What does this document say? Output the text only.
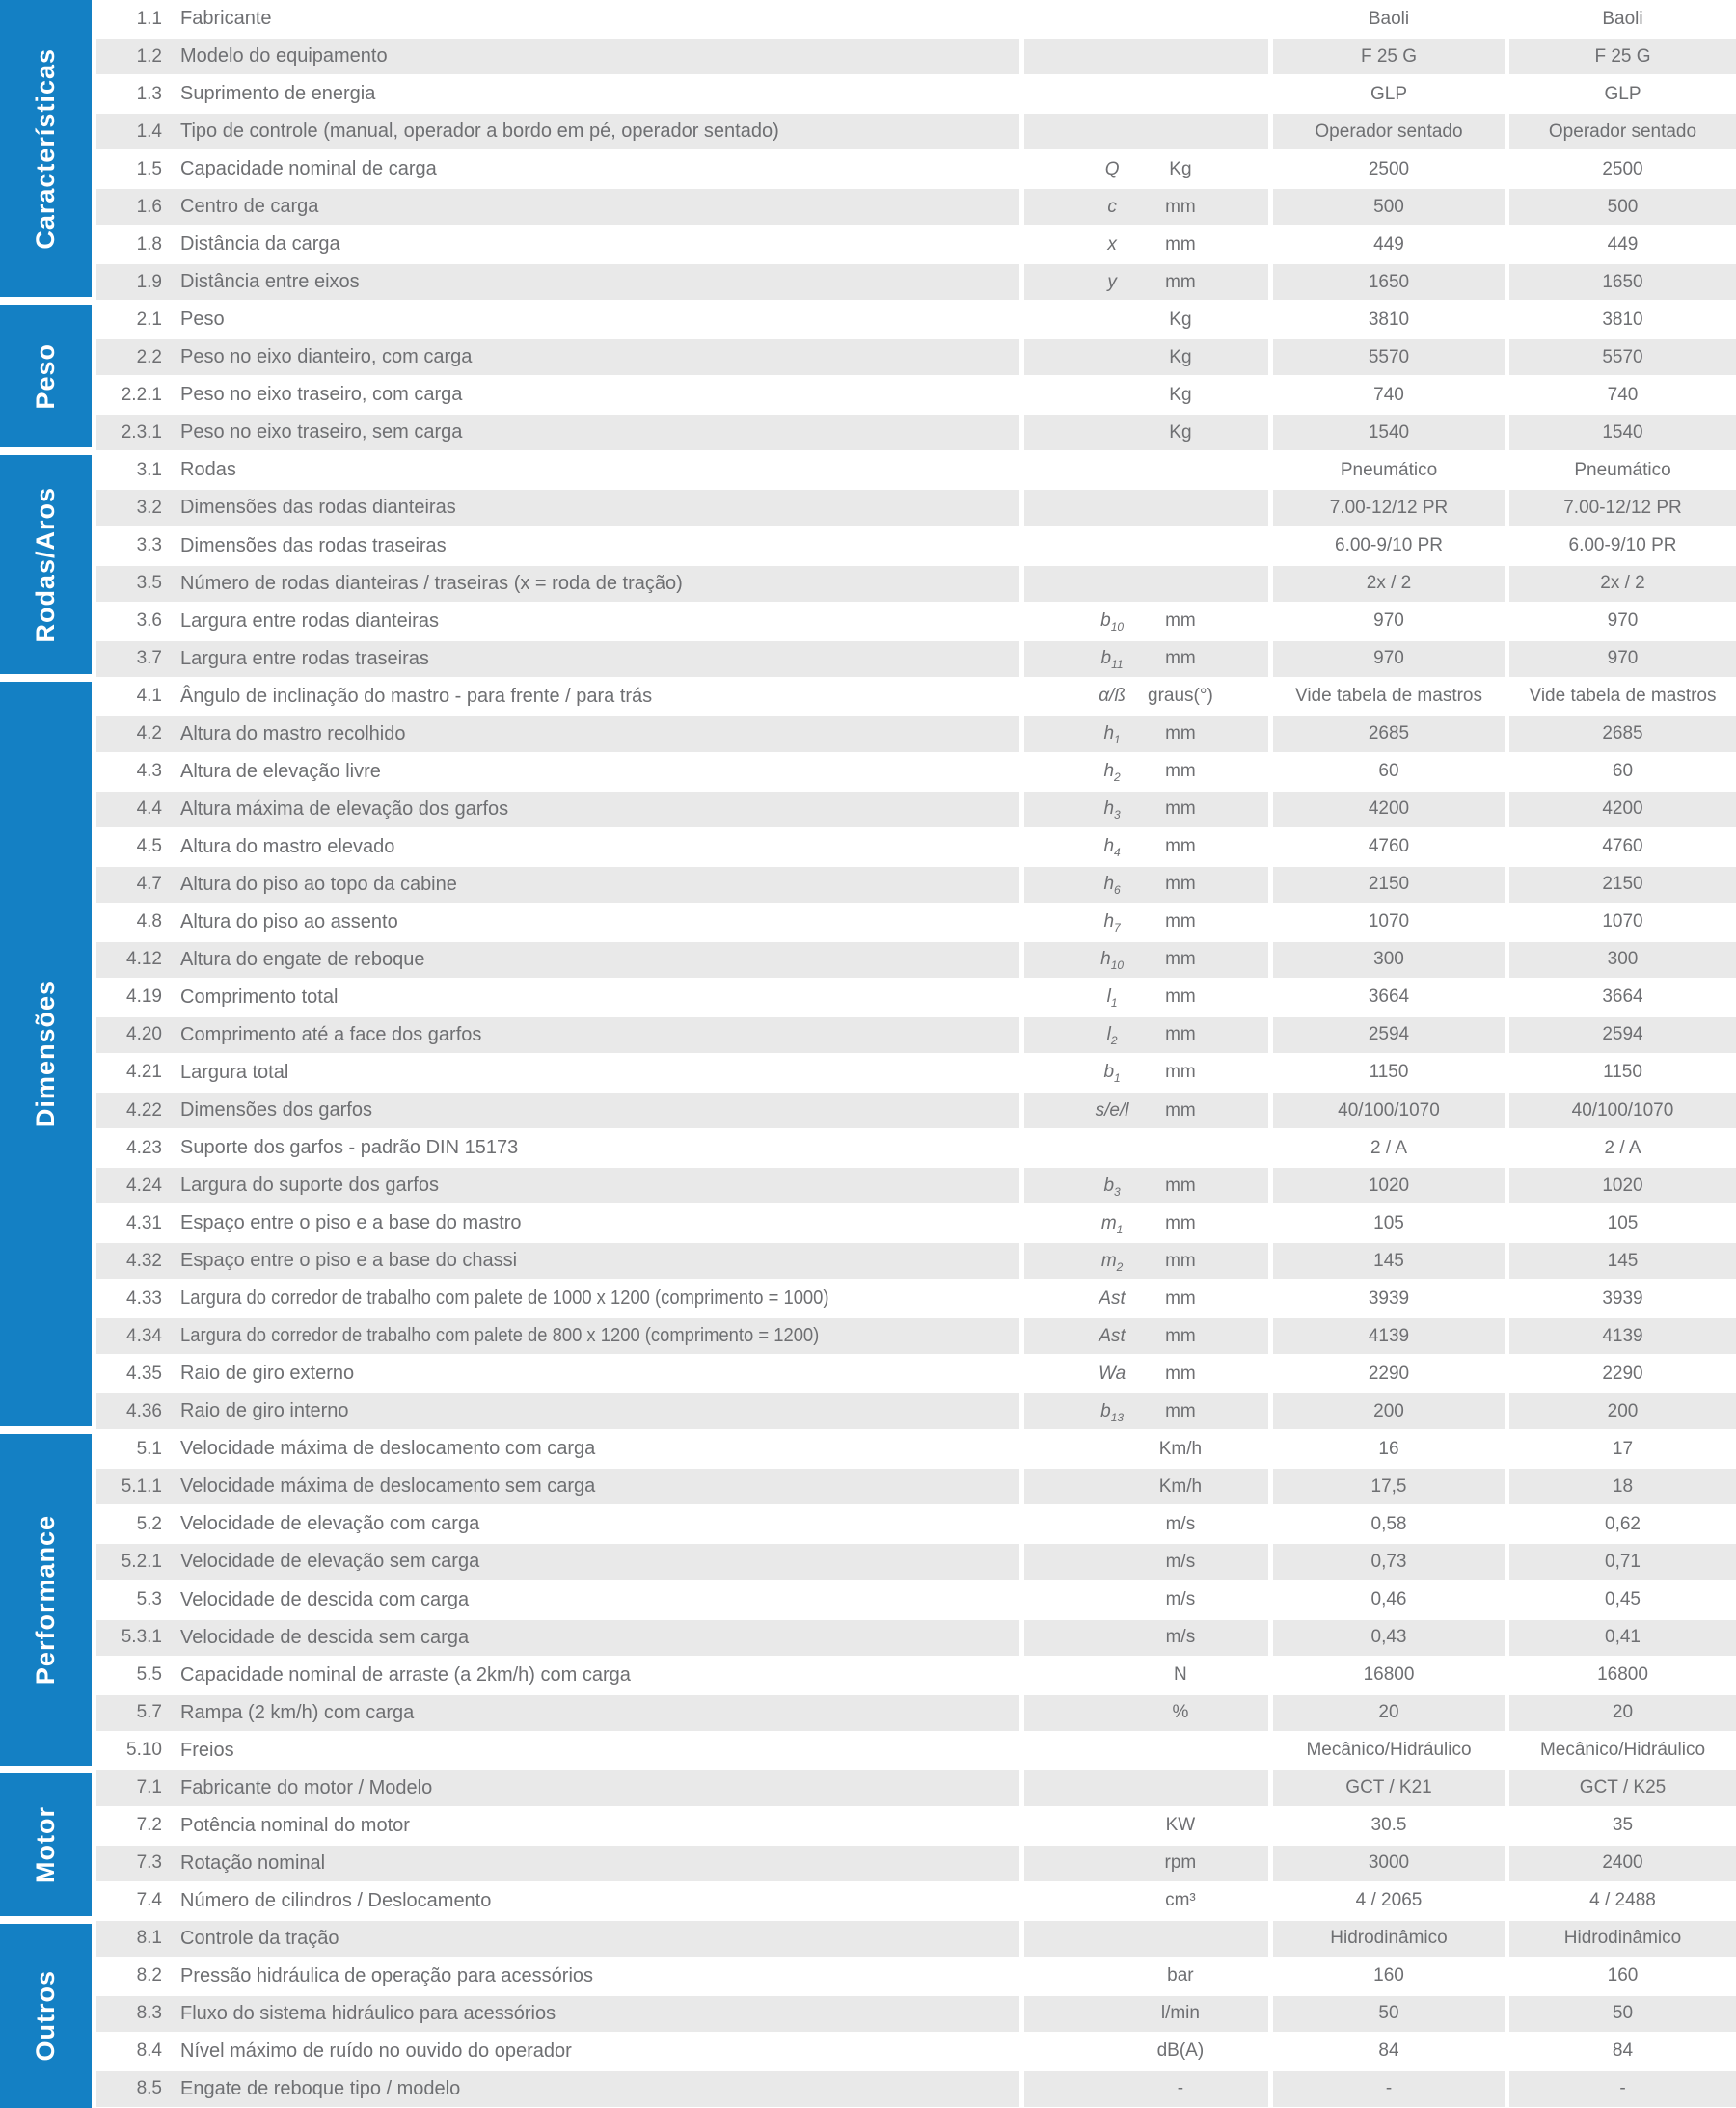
Características
1.1 Fabricante	Baoli	Baoli
1.2 Modelo do equipamento	F 25 G	F 25 G
1.3 Suprimento de energia	GLP	GLP
1.4 Tipo de controle (manual, operador a bordo em pé, operador sentado)	Operador sentado	Operador sentado
1.5 Capacidade nominal de carga	Q	Kg	2500	2500
1.6 Centro de carga	c	mm	500	500
1.8 Distância da carga	x	mm	449	449
1.9 Distância entre eixos	y	mm	1650	1650
Peso
2.1 Peso	Kg	3810	3810
2.2 Peso no eixo dianteiro, com carga	Kg	5570	5570
2.2.1 Peso no eixo traseiro, com carga	Kg	740	740
2.3.1 Peso no eixo traseiro, sem carga	Kg	1540	1540
Rodas/Aros
3.1 Rodas	Pneumático	Pneumático
3.2 Dimensões das rodas dianteiras	7.00-12/12 PR	7.00-12/12 PR
3.3 Dimensões das rodas traseiras	6.00-9/10 PR	6.00-9/10 PR
3.5 Número de rodas dianteiras / traseiras (x = roda de tração)	2x / 2	2x / 2
3.6 Largura entre rodas dianteiras	$b_{10}$ mm	970	970
3.7 Largura entre rodas traseiras	$b_{11}$ mm	970	970
Dimensões
4.1 Ângulo de inclinação do mastro - para frente / para trás	α/ß graus(°)	Vide tabela de mastros	Vide tabela de mastros
4.2 Altura do mastro recolhido	$h_1$ mm	2685	2685
4.3 Altura de elevação livre	$h_2$ mm	60	60
4.4 Altura máxima de elevação dos garfos	$h_3$ mm	4200	4200
4.5 Altura do mastro elevado	$h_4$ mm	4760	4760
4.7 Altura do piso ao topo da cabine	$h_6$ mm	2150	2150
4.8 Altura do piso ao assento	$h_7$ mm	1070	1070
4.12 Altura do engate de reboque	$h_{10}$ mm	300	300
4.19 Comprimento total	$l_1$	mm	3664	3664
4.20 Comprimento até a face dos garfos	$l_2$	mm	2594	2594
4.21 Largura total	$b_1$ mm	1150	1150
4.22 Dimensões dos garfos	s/e/l mm	40/100/1070	40/100/1070
4.23 Suporte dos garfos - padrão DIN 15173	2 / A	2 / A
4.24 Largura do suporte dos garfos	$b_3$ mm	1020	1020
4.31 Espaço entre o piso e a base do mastro	$m_1$ mm	105	105
4.32 Espaço entre o piso e a base do chassi	$m_2$ mm	145	145
4.33 Largura do corredor de trabalho com palete de 1000 x 1200 (comprimento = 1000)	Ast mm	3939	3939
4.34 Largura do corredor de trabalho com palete de 800 x 1200 (comprimento = 1200)	Ast mm	4139	4139
4.35 Raio de giro externo	Wa mm	2290	2290
4.36 Raio de giro interno	$b_{13}$ mm	200	200
Performance
5.1 Velocidade máxima de deslocamento com carga	Km/h	16	17
5.1.1 Velocidade máxima de deslocamento sem carga	Km/h	17,5	18
5.2 Velocidade de elevação com carga	m/s	0,58	0,62
5.2.1 Velocidade de elevação sem carga	m/s	0,73	0,71
5.3 Velocidade de descida com carga	m/s	0,46	0,45
5.3.1 Velocidade de descida sem carga	m/s	0,43	0,41
5.5 Capacidade nominal de arraste (a 2km/h) com carga	N	16800	16800
5.7 Rampa (2 km/h) com carga	%	20	20
5.10 Freios	Mecânico/Hidráulico	Mecânico/Hidráulico
Motor
7.1 Fabricante do motor / Modelo	GCT / K21	GCT / K25
7.2 Potência nominal do motor	KW	30.5	35
7.3 Rotação nominal	rpm	3000	2400
7.4 Número de cilindros / Deslocamento	cm³	4 / 2065	4 / 2488
Outros
8.1 Controle da tração	Hidrodinâmico	Hidrodinâmico
8.2 Pressão hidráulica de operação para acessórios	bar	160	160
8.3 Fluxo do sistema hidráulico para acessórios	l/min	50	50
8.4 Nível máximo de ruído no ouvido do operador	dB(A)	84	84
8.5 Engate de reboque tipo / modelo	-	-	-
